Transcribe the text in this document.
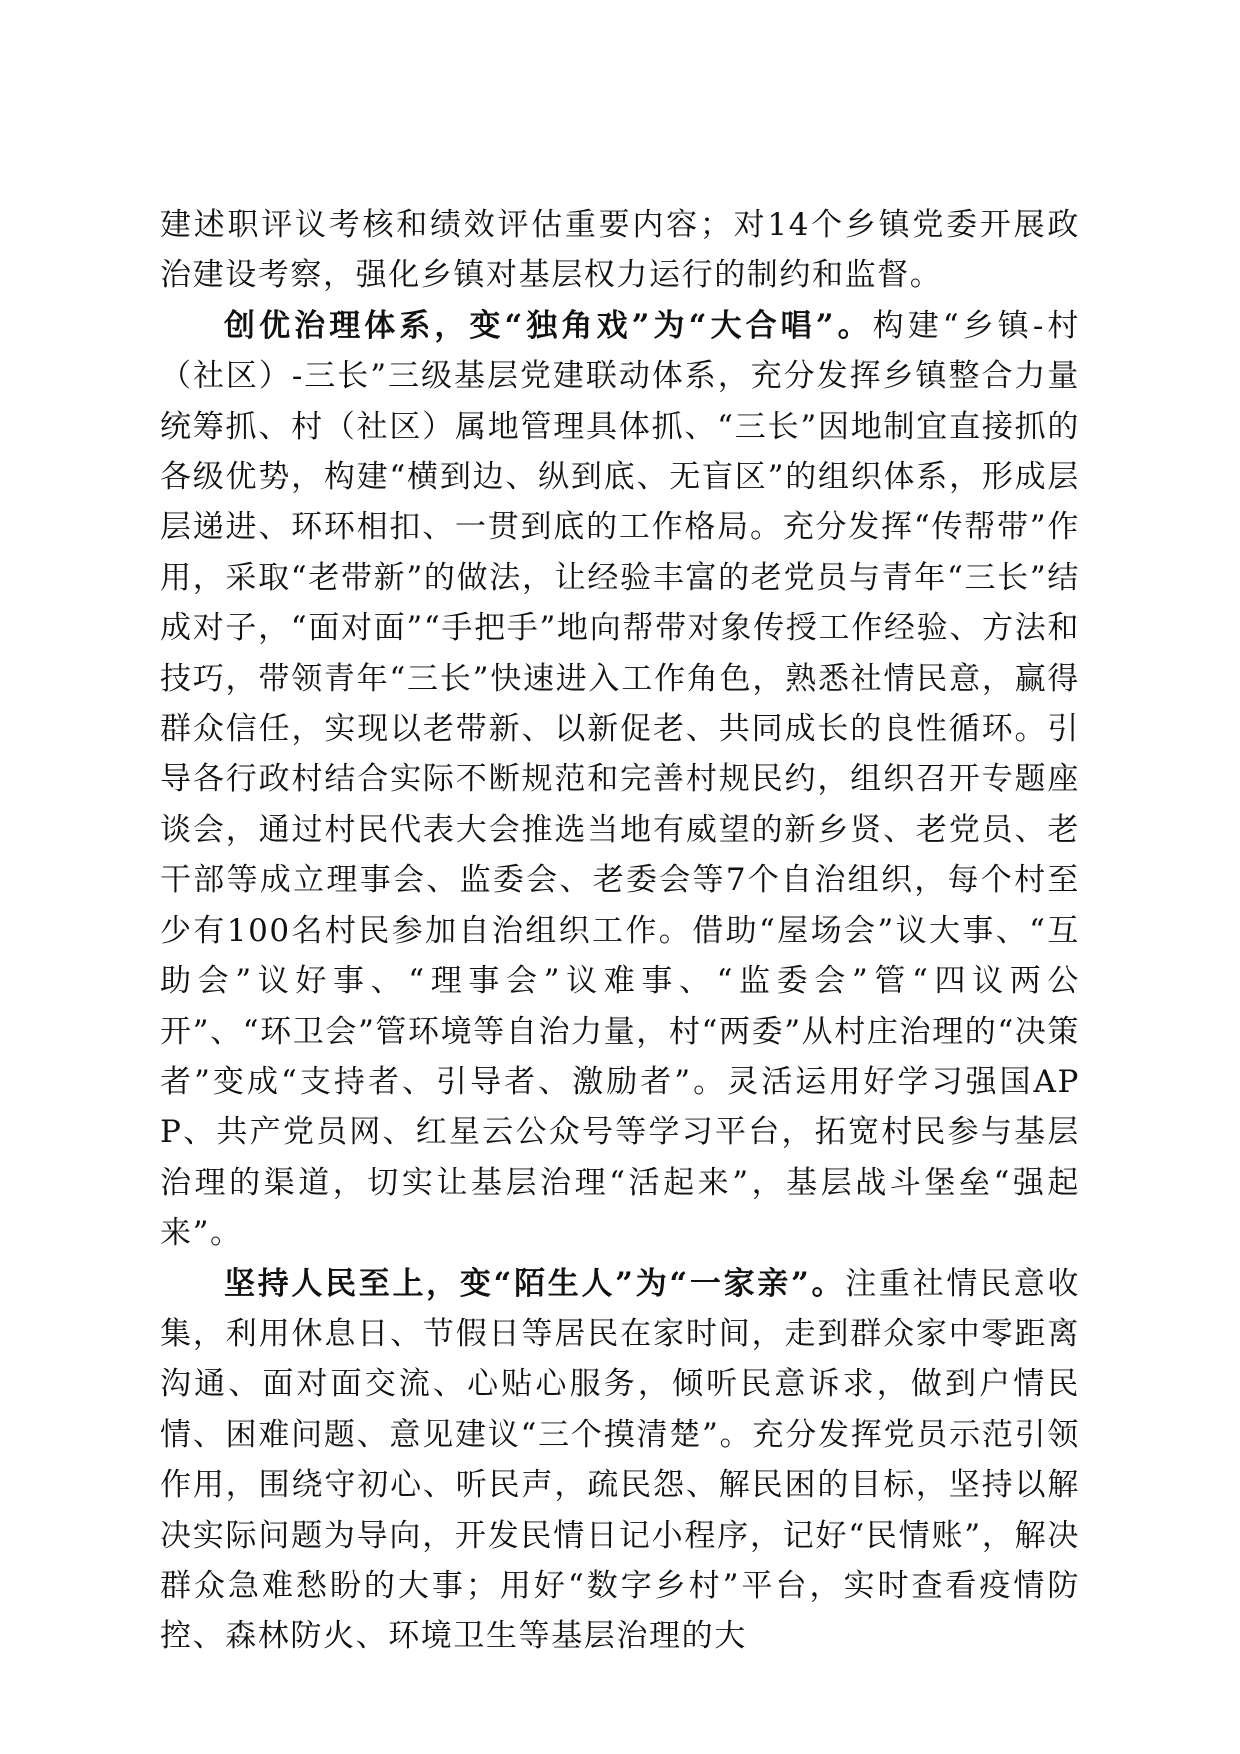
建述职评议考核和绩效评估重要内容；对14个乡镇党委开展政治建设考察，强化乡镇对基层权力运行的制约和监督。

创优治理体系，变“独角戏”为“大合唱”。构建“乡镇-村（社区）-三长”三级基层党建联动体系，充分发挥乡镇整合力量统筹抓、村（社区）属地管理具体抓、“三长”因地制宜直接抓的各级优势，构建“横到边、纵到底、无盲区”的组织体系，形成层层递进、环环相扣、一贯到底的工作格局。充分发挥“传帮带”作用，采取“老带新”的做法，让经验丰富的老党员与青年“三长”结成对子，“面对面”“手把手”地向帮带对象传授工作经验、方法和技巧，带领青年“三长”快速进入工作角色，熟悉社情民意，赢得群众信任，实现以老带新、以新促老、共同成长的良性循环。引导各行政村结合实际不断规范和完善村规民约，组织召开专题座谈会，通过村民代表大会推选当地有威望的新乡贤、老党员、老干部等成立理事会、监委会、老委会等7个自治组织，每个村至少有100名村民参加自治组织工作。借助“屋场会”议大事、“互助会”议好事、“理事会”议难事、“监委会”管“四议两公开”、“环卫会”管环境等自治力量，村“两委”从村庄治理的“决策者”变成“支持者、引导者、激励者”。灵活运用好学习强国APP、共产党员网、红星云公众号等学习平台，拓宽村民参与基层治理的渠道，切实让基层治理“活起来”，基层战斗堡垒“强起来”。

坚持人民至上，变“陌生人”为“一家亲”。注重社情民意收集，利用休息日、节假日等居民在家时间，走到群众家中零距离沟通、面对面交流、心贴心服务，倾听民意诉求，做到户情民情、困难问题、意见建议“三个摸清楚”。充分发挥党员示范引领作用，围绕守初心、听民声，疏民怨、解民困的目标，坚持以解决实际问题为导向，开发民情日记小程序，记好“民情账”，解决群众急难愁盼的大事；用好“数字乡村”平台，实时查看疫情防控、森林防火、环境卫生等基层治理的大
